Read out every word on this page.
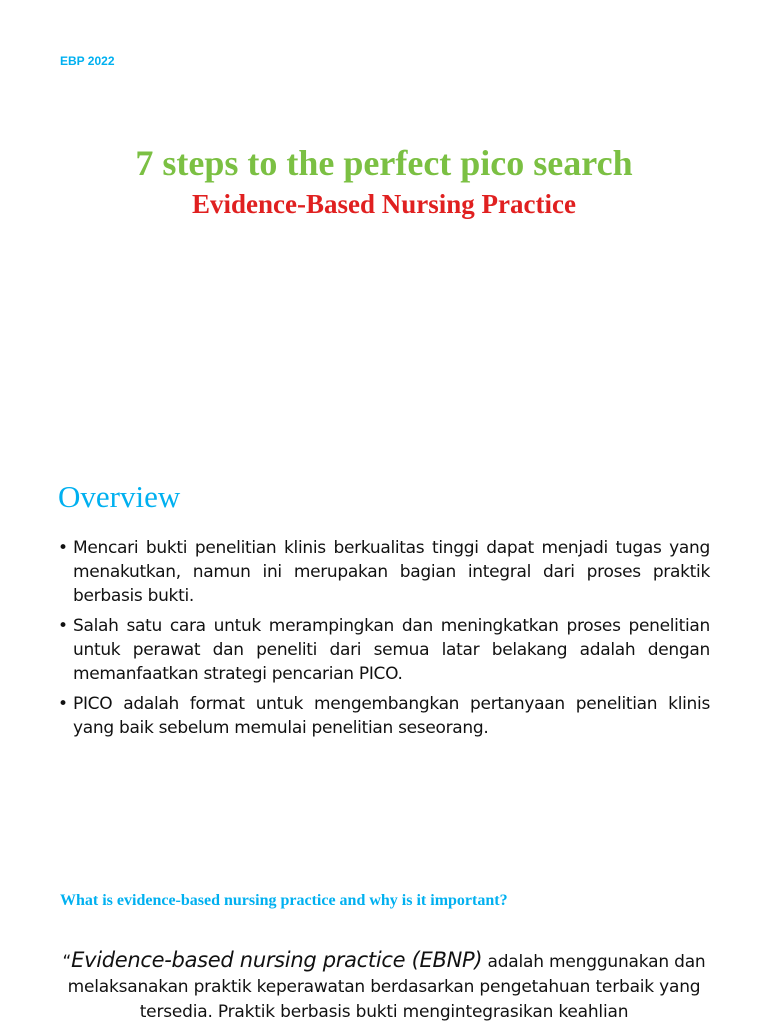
EBP 2022
7 steps to the perfect pico search
Evidence-Based Nursing Practice
Overview
• Mencari bukti penelitian klinis berkualitas tinggi dapat menjadi tugas yang menakutkan, namun ini merupakan bagian integral dari proses praktik berbasis bukti.
• Salah satu cara untuk merampingkan dan meningkatkan proses penelitian untuk perawat dan peneliti dari semua latar belakang adalah dengan memanfaatkan strategi pencarian PICO.
• PICO adalah format untuk mengembangkan pertanyaan penelitian klinis yang baik sebelum memulai penelitian seseorang.
What is evidence-based nursing practice and why is it important?
“Evidence-based nursing practice (EBNP) adalah menggunakan dan melaksanakan praktik keperawatan berdasarkan pengetahuan terbaik yang tersedia. Praktik berbasis bukti mengintegrasikan keahlian
